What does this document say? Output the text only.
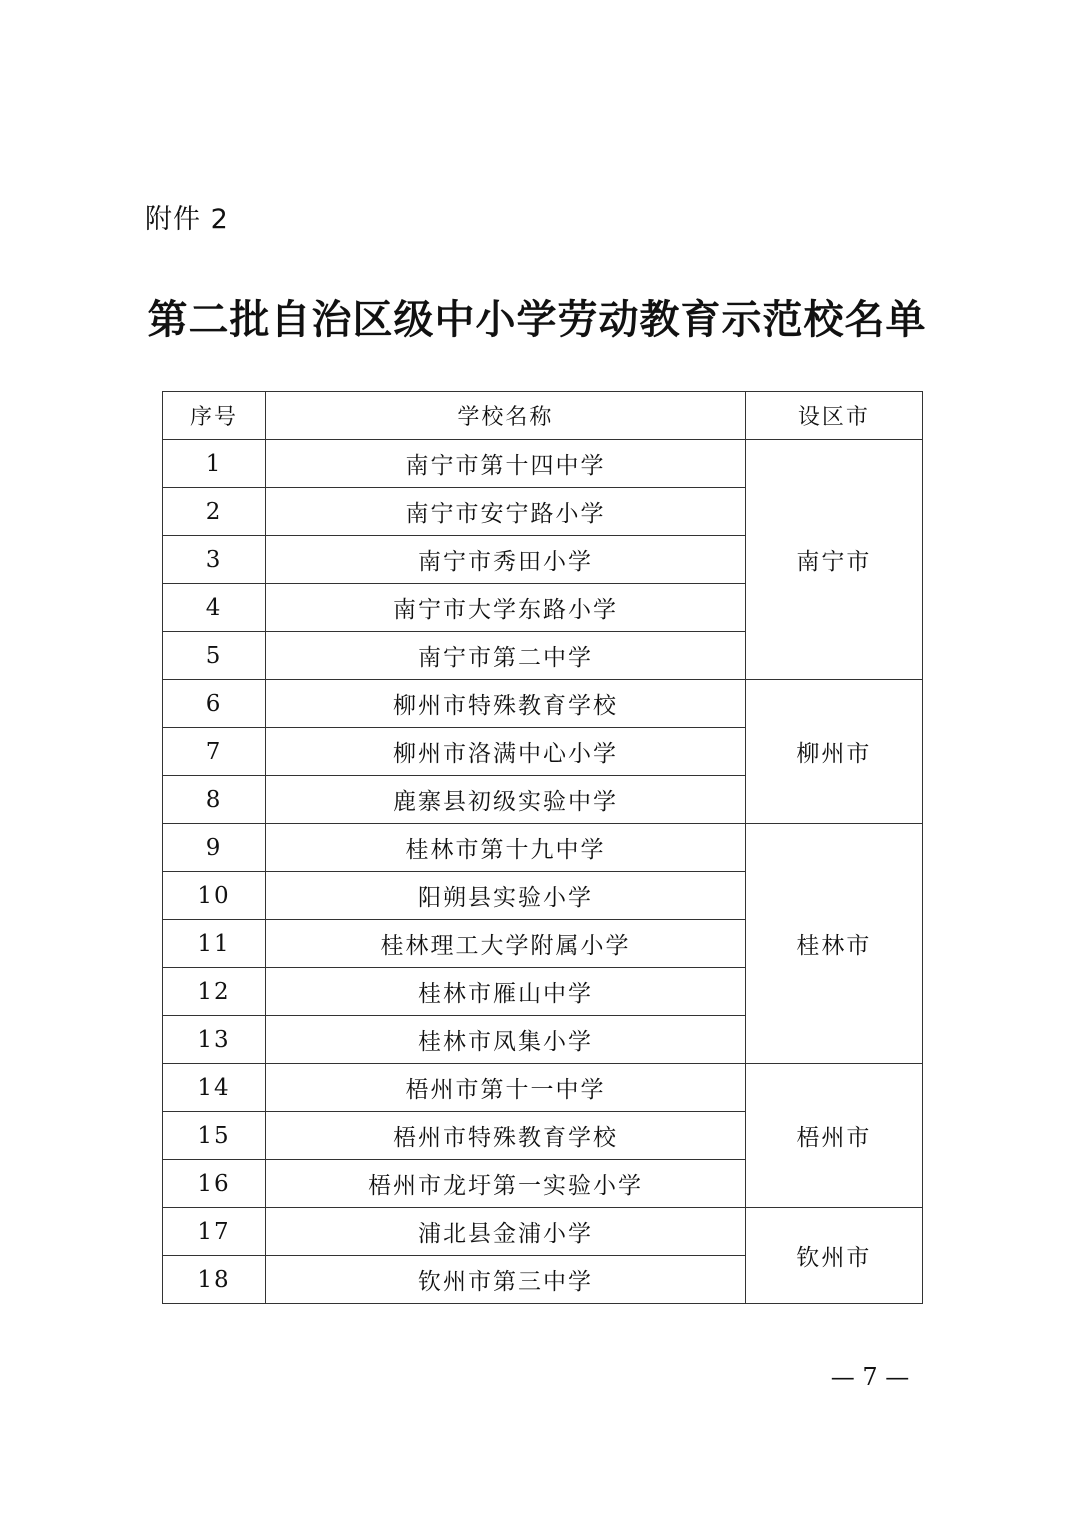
附件 2
第二批自治区级中小学劳动教育示范校名单
序号	学校名称	设区市
1	南宁市第十四中学	南宁市
2	南宁市安宁路小学	
3	南宁市秀田小学	
4	南宁市大学东路小学	
5	南宁市第二中学	
6	柳州市特殊教育学校	柳州市
7	柳州市洛满中心小学	
8	鹿寨县初级实验中学	
9	桂林市第十九中学	桂林市
10	阳朔县实验小学	
11	桂林理工大学附属小学	
12	桂林市雁山中学	
13	桂林市凤集小学	
14	梧州市第十一中学	梧州市
15	梧州市特殊教育学校	
16	梧州市龙圩第一实验小学	
17	浦北县金浦小学	钦州市
18	钦州市第三中学	
— 7 —
